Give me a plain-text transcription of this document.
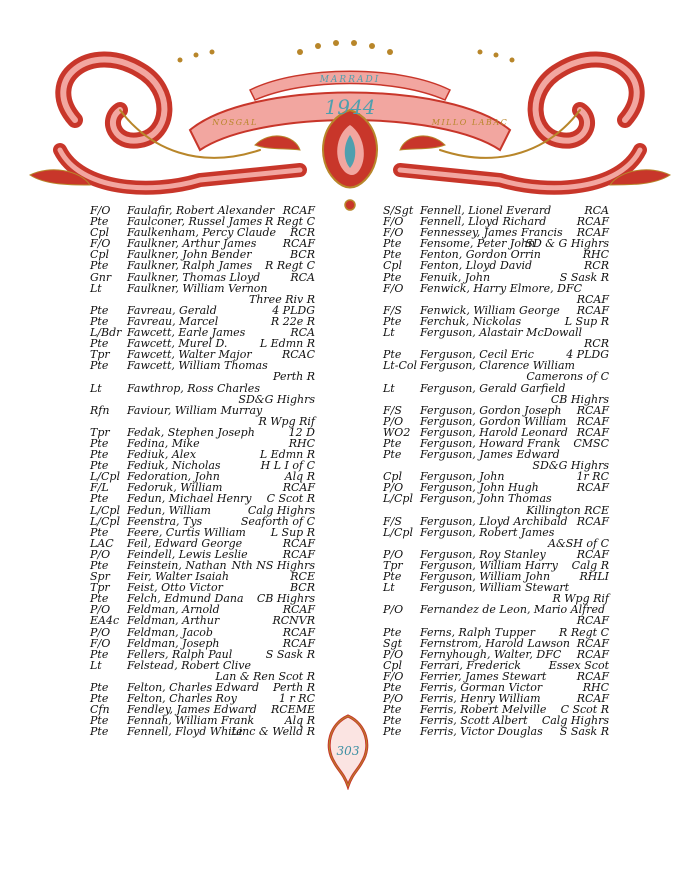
MARRADI
NOSGAL	MILLO LABAC
1944
F/O Faulafir, Robert Alexander RCAF
Pte Faulconer, Russel James R Regt C
Cpl Faulkenham, Percy Claude RCR
F/O Faulkner, Arthur James RCAF
Cpl Faulkner, John Bender	BCR
Pte Faulkner, Ralph James R Regt C
Gnr Faulkner, Thomas Lloyd	RCA
Lt Faulkner, William Vernon
Three Riv R
Pte Favreau, Gerald	4 PLDG
Pte Favreau, Marcel	R 22e R
L/Bdr Fawcett, Earle James	RCA
Pte Fawcett, Murel D.	L Edmn R
Tpr Fawcett, Walter Major	RCAC
Pte Fawcett, William Thomas
Perth R
Lt Fawthrop, Ross Charles
SD&G Highrs
Rfn Faviour, William Murray
R Wpg Rif
Tpr Fedak, Stephen Joseph	12 D
Pte Fedina, Mike	RHC
Pte Fediuk, Alex	L Edmn R
Pte Fediuk, Nicholas	H L I of C
L/Cpl Fedoration, John	Alq R
F/L Fedoruk, William	RCAF
Pte Fedun, Michael Henry C Scot R
L/Cpl Fedun, William	Calg Highrs
L/Cpl Feenstra, Tys	Seaforth of C
Pte Feere, Curtis William L Sup R
LAC Feil, Edward George	RCAF
P/O Feindell, Lewis Leslie	RCAF
Pte Feinstein, Nathan Nth NS Highrs
Spr Feir, Walter Isaiah	RCE
Tpr Feist, Otto Victor	BCR
Pte Felch, Edmund Dana CB Highrs
P/O Feldman, Arnold	RCAF
EA4c Feldman, Arthur	RCNVR
P/O Feldman, Jacob	RCAF
F/O Feldman, Joseph	RCAF
Pte Fellers, Ralph Paul	S Sask R
Lt Felstead, Robert Clive
Lan & Ren Scot R
Pte Felton, Charles Edward Perth R
Pte Felton, Charles Roy	1 r RC
Cfn Fendley, James Edward RCEME
Pte Fennah, William Frank	Alq R
Pte Fennell, Floyd White
Linc & Welld R
S/Sgt Fennell, Lionel Everard	RCA
F/O Fennell, Lloyd Richard	RCAF
F/O Fennessey, James Francis RCAF
Pte Fensome, Peter John
SD & G Highrs
Pte Fenton, Gordon Orrin	RHC
Cpl Fenton, Lloyd David	RCR
Pte Fenuik, John	S Sask R
F/O Fenwick, Harry Elmore, DFC
RCAF
F/S Fenwick, William George RCAF
Pte Ferchuk, Nickolas	L Sup R
Lt Ferguson, Alastair McDowall
RCR
Pte Ferguson, Cecil Eric	4 PLDG
Lt-Col Ferguson, Clarence William
Camerons of C
Lt Ferguson, Gerald Garfield
CB Highrs
F/S Ferguson, Gordon Joseph RCAF
P/O Ferguson, Gordon William RCAF
WO2 Ferguson, Harold Leonard RCAF
Pte Ferguson, Howard Frank CMSC
Pte Ferguson, James Edward
SD&G Highrs
Cpl Ferguson, John	1r RC
P/O Ferguson, John Hugh	RCAF
L/Cpl Ferguson, John Thomas
Killington RCE
F/S Ferguson, Lloyd Archibald RCAF
L/Cpl Ferguson, Robert James
A&SH of C
P/O Ferguson, Roy Stanley	RCAF
Tpr Ferguson, William Harry Calg R
Pte Ferguson, William John	RHLI
Lt Ferguson, William Stewart
R Wpg Rif
P/O Fernandez de Leon, Mario Alfred
RCAF
Pte Ferns, Ralph Tupper R Regt C
Sgt Fernstrom, Harold Lawson RCAF
P/O Fernyhough, Walter, DFC RCAF
Cpl Ferrari, Frederick	Essex Scot
F/O Ferrier, James Stewart	RCAF
Pte Ferris, Gorman Victor	RHC
P/O Ferris, Henry William	RCAF
Pte Ferris, Robert Melville C Scot R
Pte Ferris, Scott Albert Calg Highrs
Pte Ferris, Victor Douglas S Sask R
303
